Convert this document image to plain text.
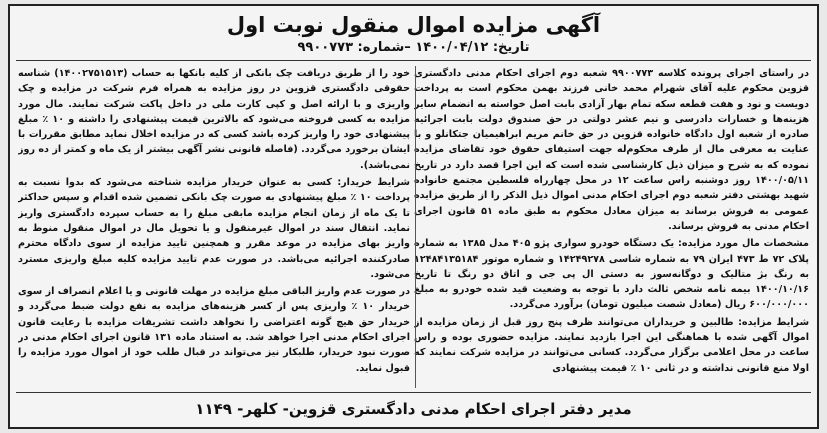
آگهی مزایده اموال منقول نوبت اول
تاریخ: ۱۴۰۰/۰۴/۱۲ –شماره: ۹۹۰۰۷۷۳

در راستای اجرای پرونده کلاسه ۹۹۰۰۷۷۳ شعبه دوم اجرای احکام مدنی دادگستری قزوین محکوم علیه آقای شهرام محمد خانی فرزند بهمن محکوم است به پرداخت دویست و نود و هفت قطعه سکه تمام بهار آزادی بابت اصل خواسته به انضمام سایر هزینه‌ها و خسارات دادرسی و نیم عشر دولتی در حق صندوق دولت بابت اجرائیه صادره از شعبه اول دادگاه خانواده قزوین در حق خانم مریم ابراهیمیان جتکانلو و با عنایت به معرفی مال از طرف محکوم‌له جهت استیفای حقوق خود تقاضای مزایده نموده که به شرح و میزان ذیل کارشناسی شده است که این اجرا قصد دارد در تاریخ ۱۴۰۰/۰۵/۱۱ روز دوشنبه راس ساعت ۱۲ در محل چهارراه فلسطین مجتمع خانواده شهید بهشتی دفتر شعبه دوم اجرای احکام مدنی اموال ذیل الذکر را از طریق مزایده عمومی به فروش برساند به میزان معادل محکوم به طبق ماده ۵۱ قانون اجرای احکام مدنی به فروش برساند.

مشخصات مال مورد مزایده: یک دستگاه خودرو سواری پژو ۴۰۵ مدل ۱۳۸۵ به شماره پلاک ۷۲ ط ۴۷۳ ایران ۷۹ به شماره شاسی ۱۴۲۴۹۲۷۸ و شماره موتور ۱۲۴۸۴۱۳۵۱۸۴ به رنگ بژ متالیک و دوگانه‌سوز به دستی ال پی جی و اتاق دو رنگ تا تاریخ ۱۴۰۰/۱۰/۱۶ بیمه نامه شخص ثالث دارد با توجه به وضعیت قید شده خودرو به مبلغ ۶۰۰/۰۰۰/۰۰۰ ریال (معادل شصت میلیون تومان) برآورد می‌گردد.

شرایط مزایده: طالبین و خریداران می‌توانند ظرف پنج روز قبل از زمان مزایده از اموال آگهی شده با هماهنگی این اجرا بازدید نمایند. مزایده حضوری بوده و راس ساعت در محل اعلامی برگزار می‌گردد. کسانی می‌توانند در مزایده شرکت نمایند که اولا منع قانونی نداشته و در ثانی ۱۰ ٪ قیمت پیشنهادی

خود را از طریق دریافت چک بانکی از کلیه بانکها به حساب (۱۴۰۰۲۷۵۱۵۱۳) شناسه حقوقی دادگستری قزوین در روز مزایده به همراه فرم شرکت در مزایده و چک واریزی و با ارائه اصل و کپی کارت ملی در داخل پاکت شرکت نمایند. مال مورد مزایده به کسی فروخته می‌شود که بالاترین قیمت پیشنهادی را داشته و ۱۰ ٪ مبلغ پیشنهادی خود را واریز کرده باشد کسی که در مزایده اخلال نماید مطابق مقررات با ایشان برخورد می‌گردد. (فاصله قانونی نشر آگهی بیشتر از یک ماه و کمتر از ده روز نمی‌باشد).

شرایط خریدار: کسی به عنوان خریدار مزایده شناخته می‌شود که بدوا نسبت به پرداخت ۱۰ ٪ مبلغ پیشنهادی به صورت چک بانکی تضمین شده اقدام و سپس حداکثر تا یک ماه از زمان انجام مزایده مابقی مبلغ را به حساب سپرده دادگستری واریز نماید. انتقال سند در اموال غیرمنقول و یا تحویل مال در اموال منقول منوط به واریز بهای مزایده در موعد مقرر و همچنین تایید مزایده از سوی دادگاه محترم صادرکننده اجرائیه می‌باشد. در صورت عدم تایید مزایده کلیه مبلغ واریزی مسترد می‌شود.

در صورت عدم واریز الباقی مبلغ مزایده در مهلت قانونی و یا اعلام انصراف از سوی خریدار ۱۰ ٪ واریزی پس از کسر هزینه‌های مزایده به نفع دولت ضبط می‌گردد و خریدار حق هیچ گونه اعتراضی را نخواهد داشت تشریفات مزایده با رعایت قانون اجرای احکام مدنی اجرا خواهد شد. به استناد ماده ۱۳۱ قانون اجرای احکام مدنی در صورت نبود خریدار، طلبکار نیز می‌تواند در قبال طلب خود از اموال مورد مزایده را قبول نماید.

مدیر دفتر اجرای احکام مدنی دادگستری قزوین- کلهر- ۱۱۴۹
